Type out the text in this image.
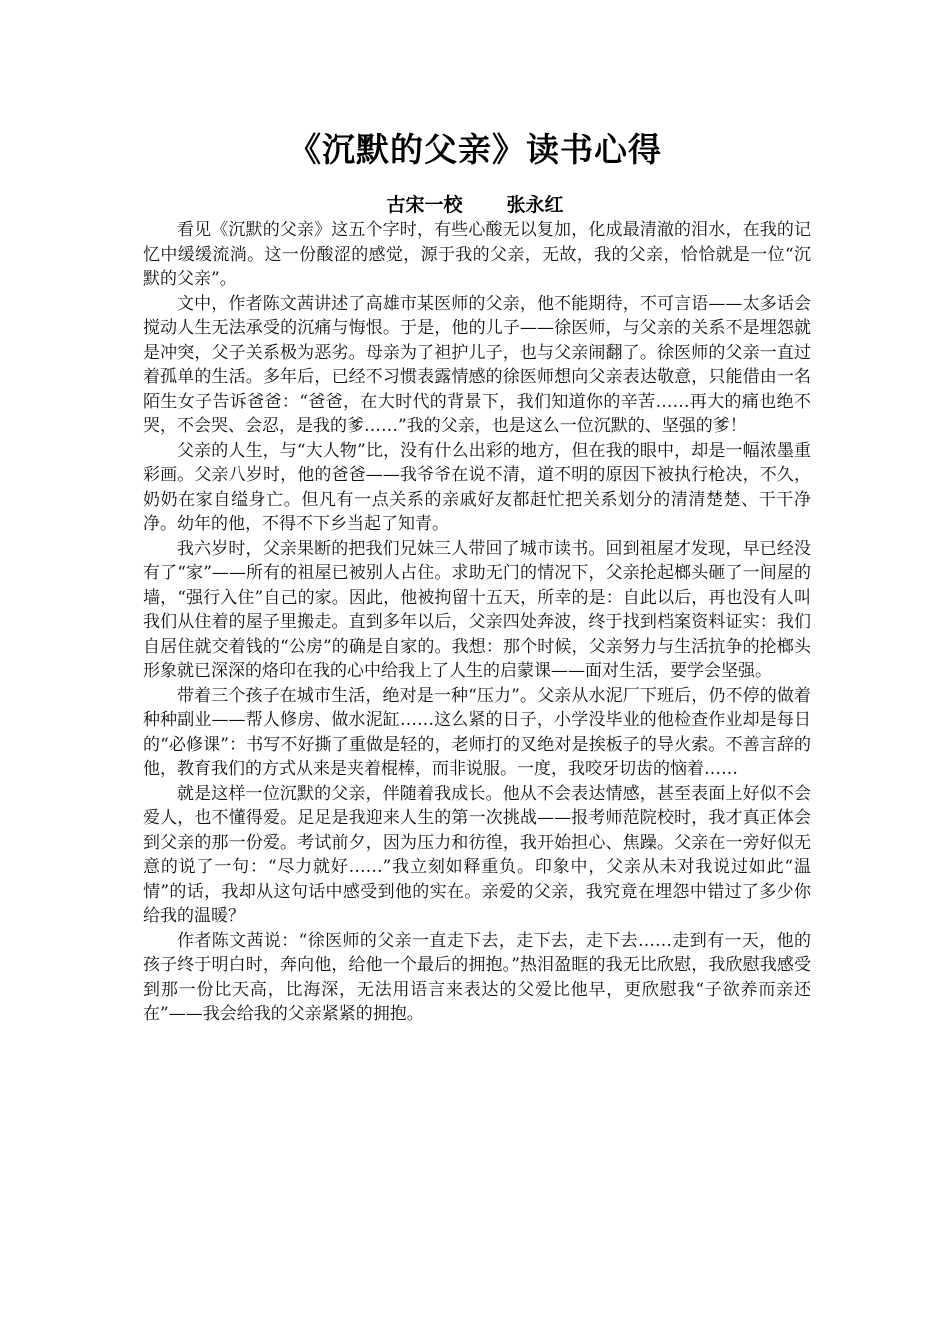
《沉默的父亲》读书心得
古宋一校 张永红

看见《沉默的父亲》这五个字时，有些心酸无以复加，化成最清澈的泪水，在我的记忆中缓缓流淌。这一份酸涩的感觉，源于我的父亲，无故，我的父亲，恰恰就是一位“沉默的父亲”。

文中，作者陈文茜讲述了高雄市某医师的父亲，他不能期待，不可言语——太多话会搅动人生无法承受的沉痛与悔恨。于是，他的儿子——徐医师，与父亲的关系不是埋怨就是冲突，父子关系极为恶劣。母亲为了袒护儿子，也与父亲闹翻了。徐医师的父亲一直过着孤单的生活。多年后，已经不习惯表露情感的徐医师想向父亲表达敬意，只能借由一名陌生女子告诉爸爸：“爸爸，在大时代的背景下，我们知道你的辛苦……再大的痛也绝不哭，不会哭、会忍，是我的爹……”我的父亲，也是这么一位沉默的、坚强的爹！

父亲的人生，与“大人物”比，没有什么出彩的地方，但在我的眼中，却是一幅浓墨重彩画。父亲八岁时，他的爸爸——我爷爷在说不清，道不明的原因下被执行枪决，不久，奶奶在家自缢身亡。但凡有一点关系的亲戚好友都赶忙把关系划分的清清楚楚、干干净净。幼年的他，不得不下乡当起了知青。

我六岁时，父亲果断的把我们兄妹三人带回了城市读书。回到祖屋才发现，早已经没有了“家”——所有的祖屋已被别人占住。求助无门的情况下，父亲抡起榔头砸了一间屋的墙，“强行入住”自己的家。因此，他被拘留十五天，所幸的是：自此以后，再也没有人叫我们从住着的屋子里搬走。直到多年以后，父亲四处奔波，终于找到档案资料证实：我们自居住就交着钱的“公房”的确是自家的。我想：那个时候，父亲努力与生活抗争的抡榔头形象就已深深的烙印在我的心中给我上了人生的启蒙课——面对生活，要学会坚强。

带着三个孩子在城市生活，绝对是一种“压力”。父亲从水泥厂下班后，仍不停的做着种种副业——帮人修房、做水泥缸……这么紧的日子，小学没毕业的他检查作业却是每日的“必修课”：书写不好撕了重做是轻的，老师打的叉绝对是挨板子的导火索。不善言辞的他，教育我们的方式从来是夹着棍棒，而非说服。一度，我咬牙切齿的恼着……

就是这样一位沉默的父亲，伴随着我成长。他从不会表达情感，甚至表面上好似不会爱人，也不懂得爱。足足是我迎来人生的第一次挑战——报考师范院校时，我才真正体会到父亲的那一份爱。考试前夕，因为压力和彷徨，我开始担心、焦躁。父亲在一旁好似无意的说了一句：“尽力就好……”我立刻如释重负。印象中，父亲从未对我说过如此“温情”的话，我却从这句话中感受到他的实在。亲爱的父亲，我究竟在埋怨中错过了多少你给我的温暖？

作者陈文茜说：“徐医师的父亲一直走下去，走下去，走下去……走到有一天，他的孩子终于明白时，奔向他，给他一个最后的拥抱。”热泪盈眶的我无比欣慰，我欣慰我感受到那一份比天高，比海深，无法用语言来表达的父爱比他早，更欣慰我“子欲养而亲还在”——我会给我的父亲紧紧的拥抱。
